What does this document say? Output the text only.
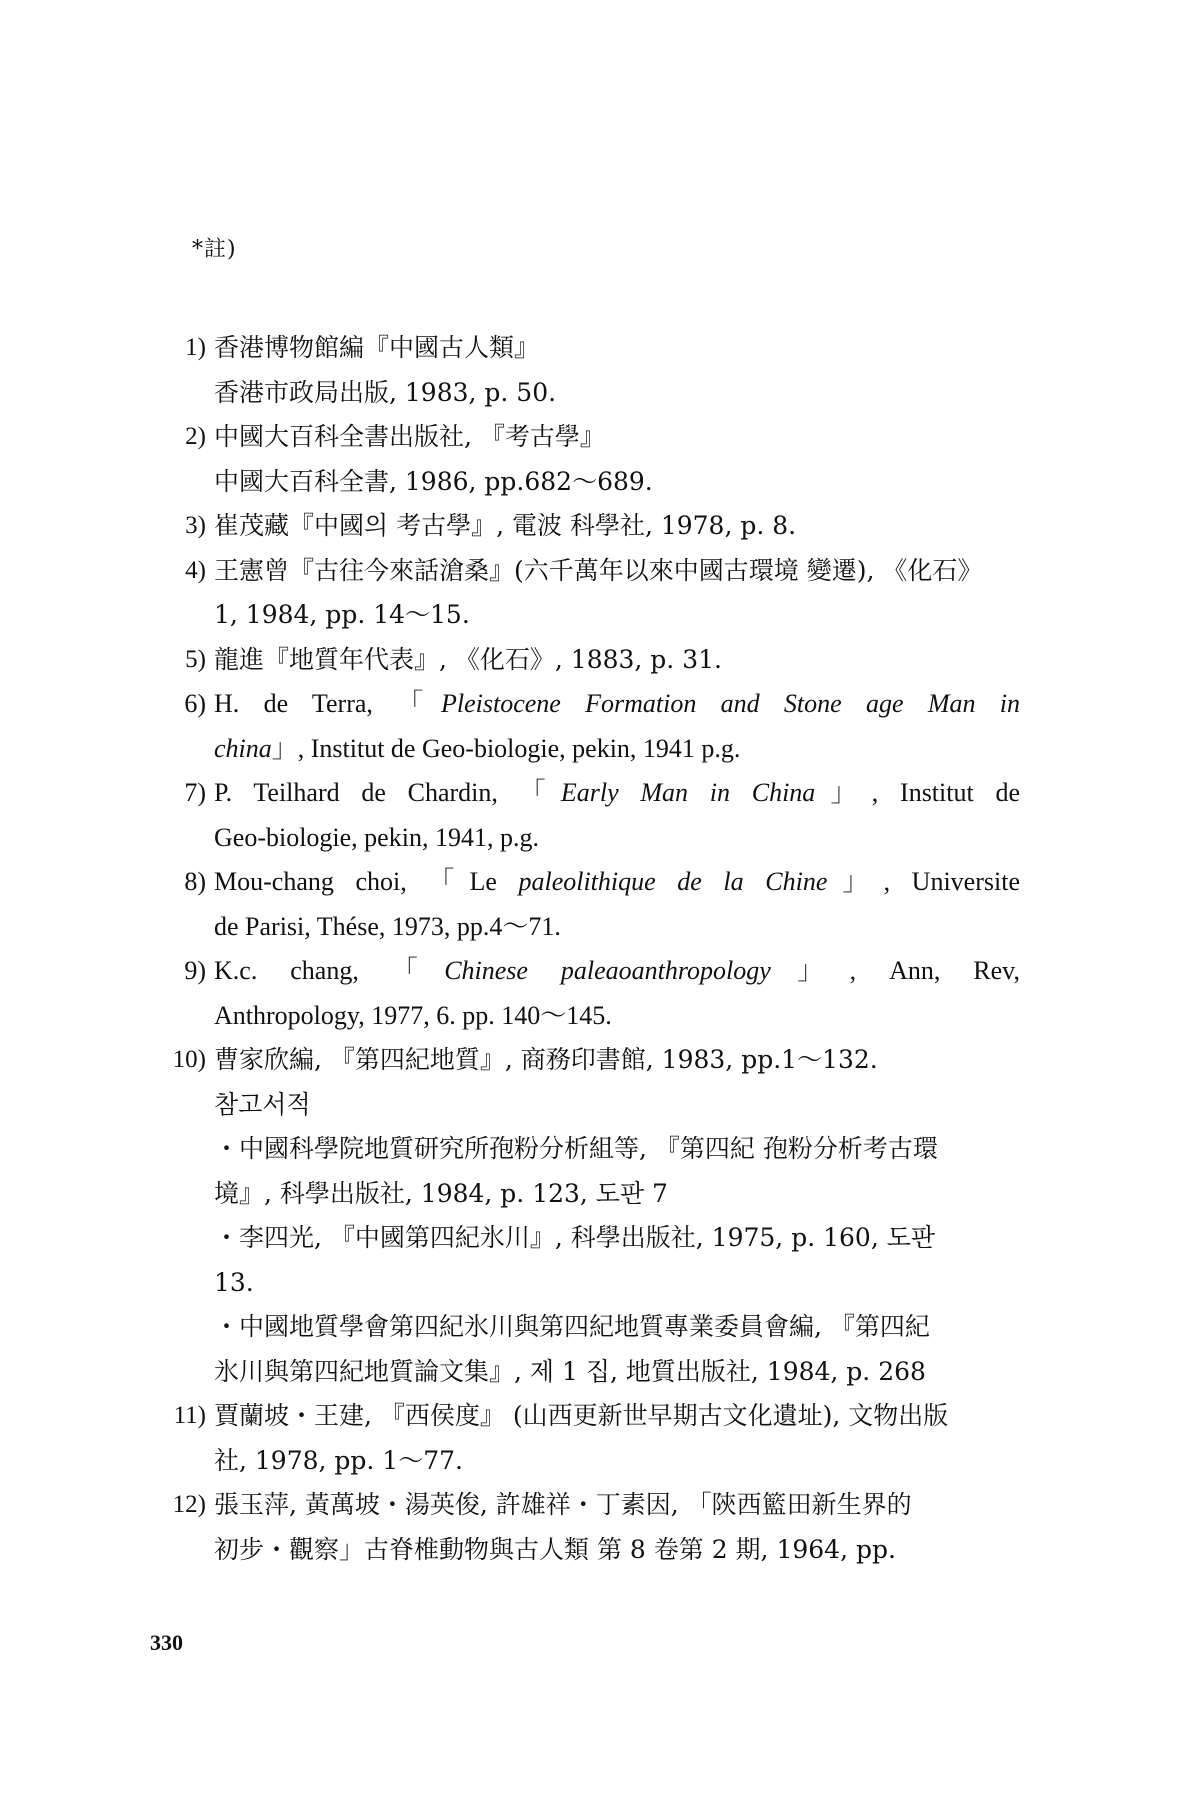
*註)
1) 香港博物館編『中國古人類』
香港市政局出版, 1983, p. 50.
2) 中國大百科全書出版社, 『考古學』
中國大百科全書, 1986, pp.682～689.
3) 崔茂藏『中國의 考古學』, 電波 科學社, 1978, p. 8.
4) 王憲曾『古往今來話滄桑』(六千萬年以來中國古環境 變遷), 《化石》
1, 1984, pp. 14～15.
5) 龍進『地質年代表』, 《化石》, 1883, p. 31.
6) H. de Terra, 「Pleistocene Formation and Stone age Man in
china」, Institut de Geo-biologie, pekin, 1941 p.g.
7) P. Teilhard de Chardin, 「Early Man in China」, Institut de
Geo-biologie, pekin, 1941, p.g.
8) Mou-chang choi, 「Le paleolithique de la Chine」, Universite
de Parisi, Thése, 1973, pp.4～71.
9) K.c. chang, 「Chinese paleaoanthropology」, Ann, Rev,
Anthropology, 1977, 6. pp. 140～145.
10) 曹家欣編, 『第四紀地質』, 商務印書館, 1983, pp.1～132.
참고서적
・中國科學院地質研究所孢粉分析組等, 『第四紀 孢粉分析考古環
境』, 科學出版社, 1984, p. 123, 도판 7
・李四光, 『中國第四紀氷川』, 科學出版社, 1975, p. 160, 도판
13.
・中國地質學會第四紀氷川與第四紀地質專業委員會編, 『第四紀
氷川與第四紀地質論文集』, 제 1 집, 地質出版社, 1984, p. 268
11) 賈蘭坡・王建, 『西侯度』 (山西更新世早期古文化遺址), 文物出版
社, 1978, pp. 1～77.
12) 張玉萍, 黃萬坡・湯英俊, 許雄祥・丁素因, 「陝西籃田新生界的
初步・觀察」古脊椎動物與古人類 第 8 卷第 2 期, 1964, pp.
330
